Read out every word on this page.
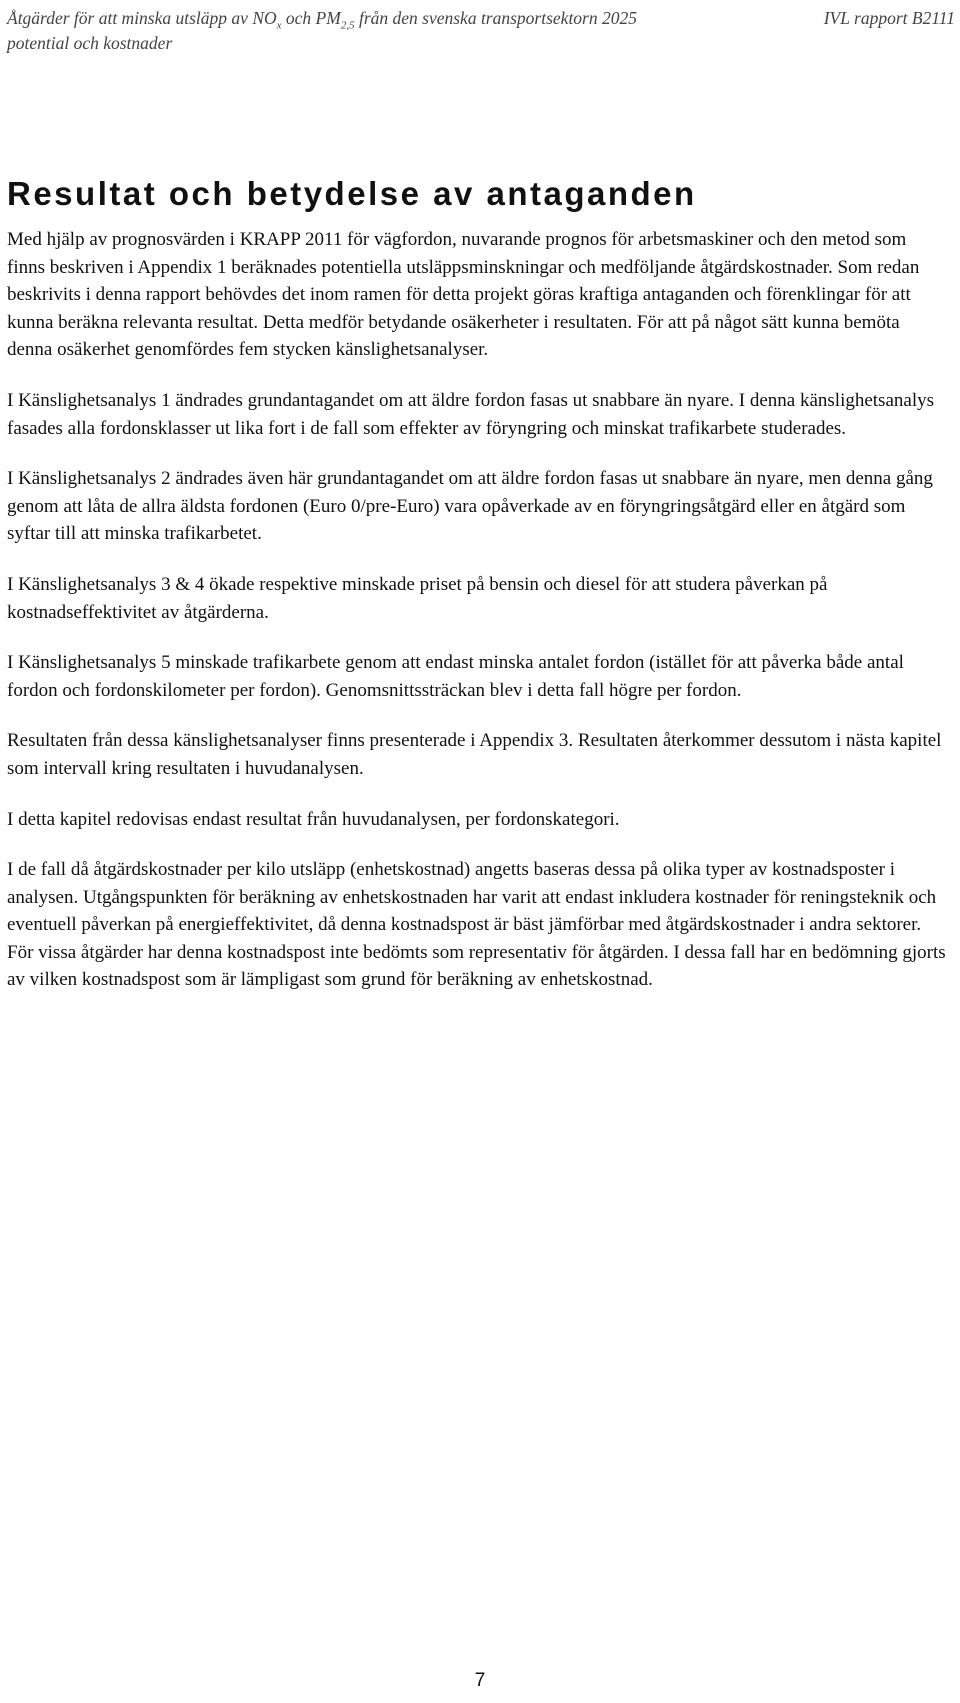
Åtgärder för att minska utsläpp av $NO_x$ och $PM_{2,5}$ från den svenska transportsektorn 2025	IVL rapport B2111
potential och kostnader
Resultat och betydelse av antaganden

Med hjälp av prognosvärden i KRAPP 2011 för vägfordon, nuvarande prognos för arbetsmaskiner och den metod som finns beskriven i Appendix 1 beräknades potentiella utsläppsminskningar och medföljande åtgärdskostnader. Som redan beskrivits i denna rapport behövdes det inom ramen för detta projekt göras kraftiga antaganden och förenklingar för att kunna beräkna relevanta resultat. Detta medför betydande osäkerheter i resultaten. För att på något sätt kunna bemöta denna osäkerhet genomfördes fem stycken känslighetsanalyser.

I Känslighetsanalys 1 ändrades grundantagandet om att äldre fordon fasas ut snabbare än nyare. I denna känslighetsanalys fasades alla fordonsklasser ut lika fort i de fall som effekter av föryngring och minskat trafikarbete studerades.

I Känslighetsanalys 2 ändrades även här grundantagandet om att äldre fordon fasas ut snabbare än nyare, men denna gång genom att låta de allra äldsta fordonen (Euro 0/pre-Euro) vara opåverkade av en föryngringsåtgärd eller en åtgärd som syftar till att minska trafikarbetet.

I Känslighetsanalys 3 & 4 ökade respektive minskade priset på bensin och diesel för att studera påverkan på kostnadseffektivitet av åtgärderna.

I Känslighetsanalys 5 minskade trafikarbete genom att endast minska antalet fordon (istället för att påverka både antal fordon och fordonskilometer per fordon). Genomsnittssträckan blev i detta fall högre per fordon.

Resultaten från dessa känslighetsanalyser finns presenterade i Appendix 3. Resultaten återkommer dessutom i nästa kapitel som intervall kring resultaten i huvudanalysen.

I detta kapitel redovisas endast resultat från huvudanalysen, per fordonskategori.

I de fall då åtgärdskostnader per kilo utsläpp (enhetskostnad) angetts baseras dessa på olika typer av kostnadsposter i analysen. Utgångspunkten för beräkning av enhetskostnaden har varit att endast inkludera kostnader för reningsteknik och eventuell påverkan på energieffektivitet, då denna kostnadspost är bäst jämförbar med åtgärdskostnader i andra sektorer. För vissa åtgärder har denna kostnadspost inte bedömts som representativ för åtgärden. I dessa fall har en bedömning gjorts av vilken kostnadspost som är lämpligast som grund för beräkning av enhetskostnad.

7
